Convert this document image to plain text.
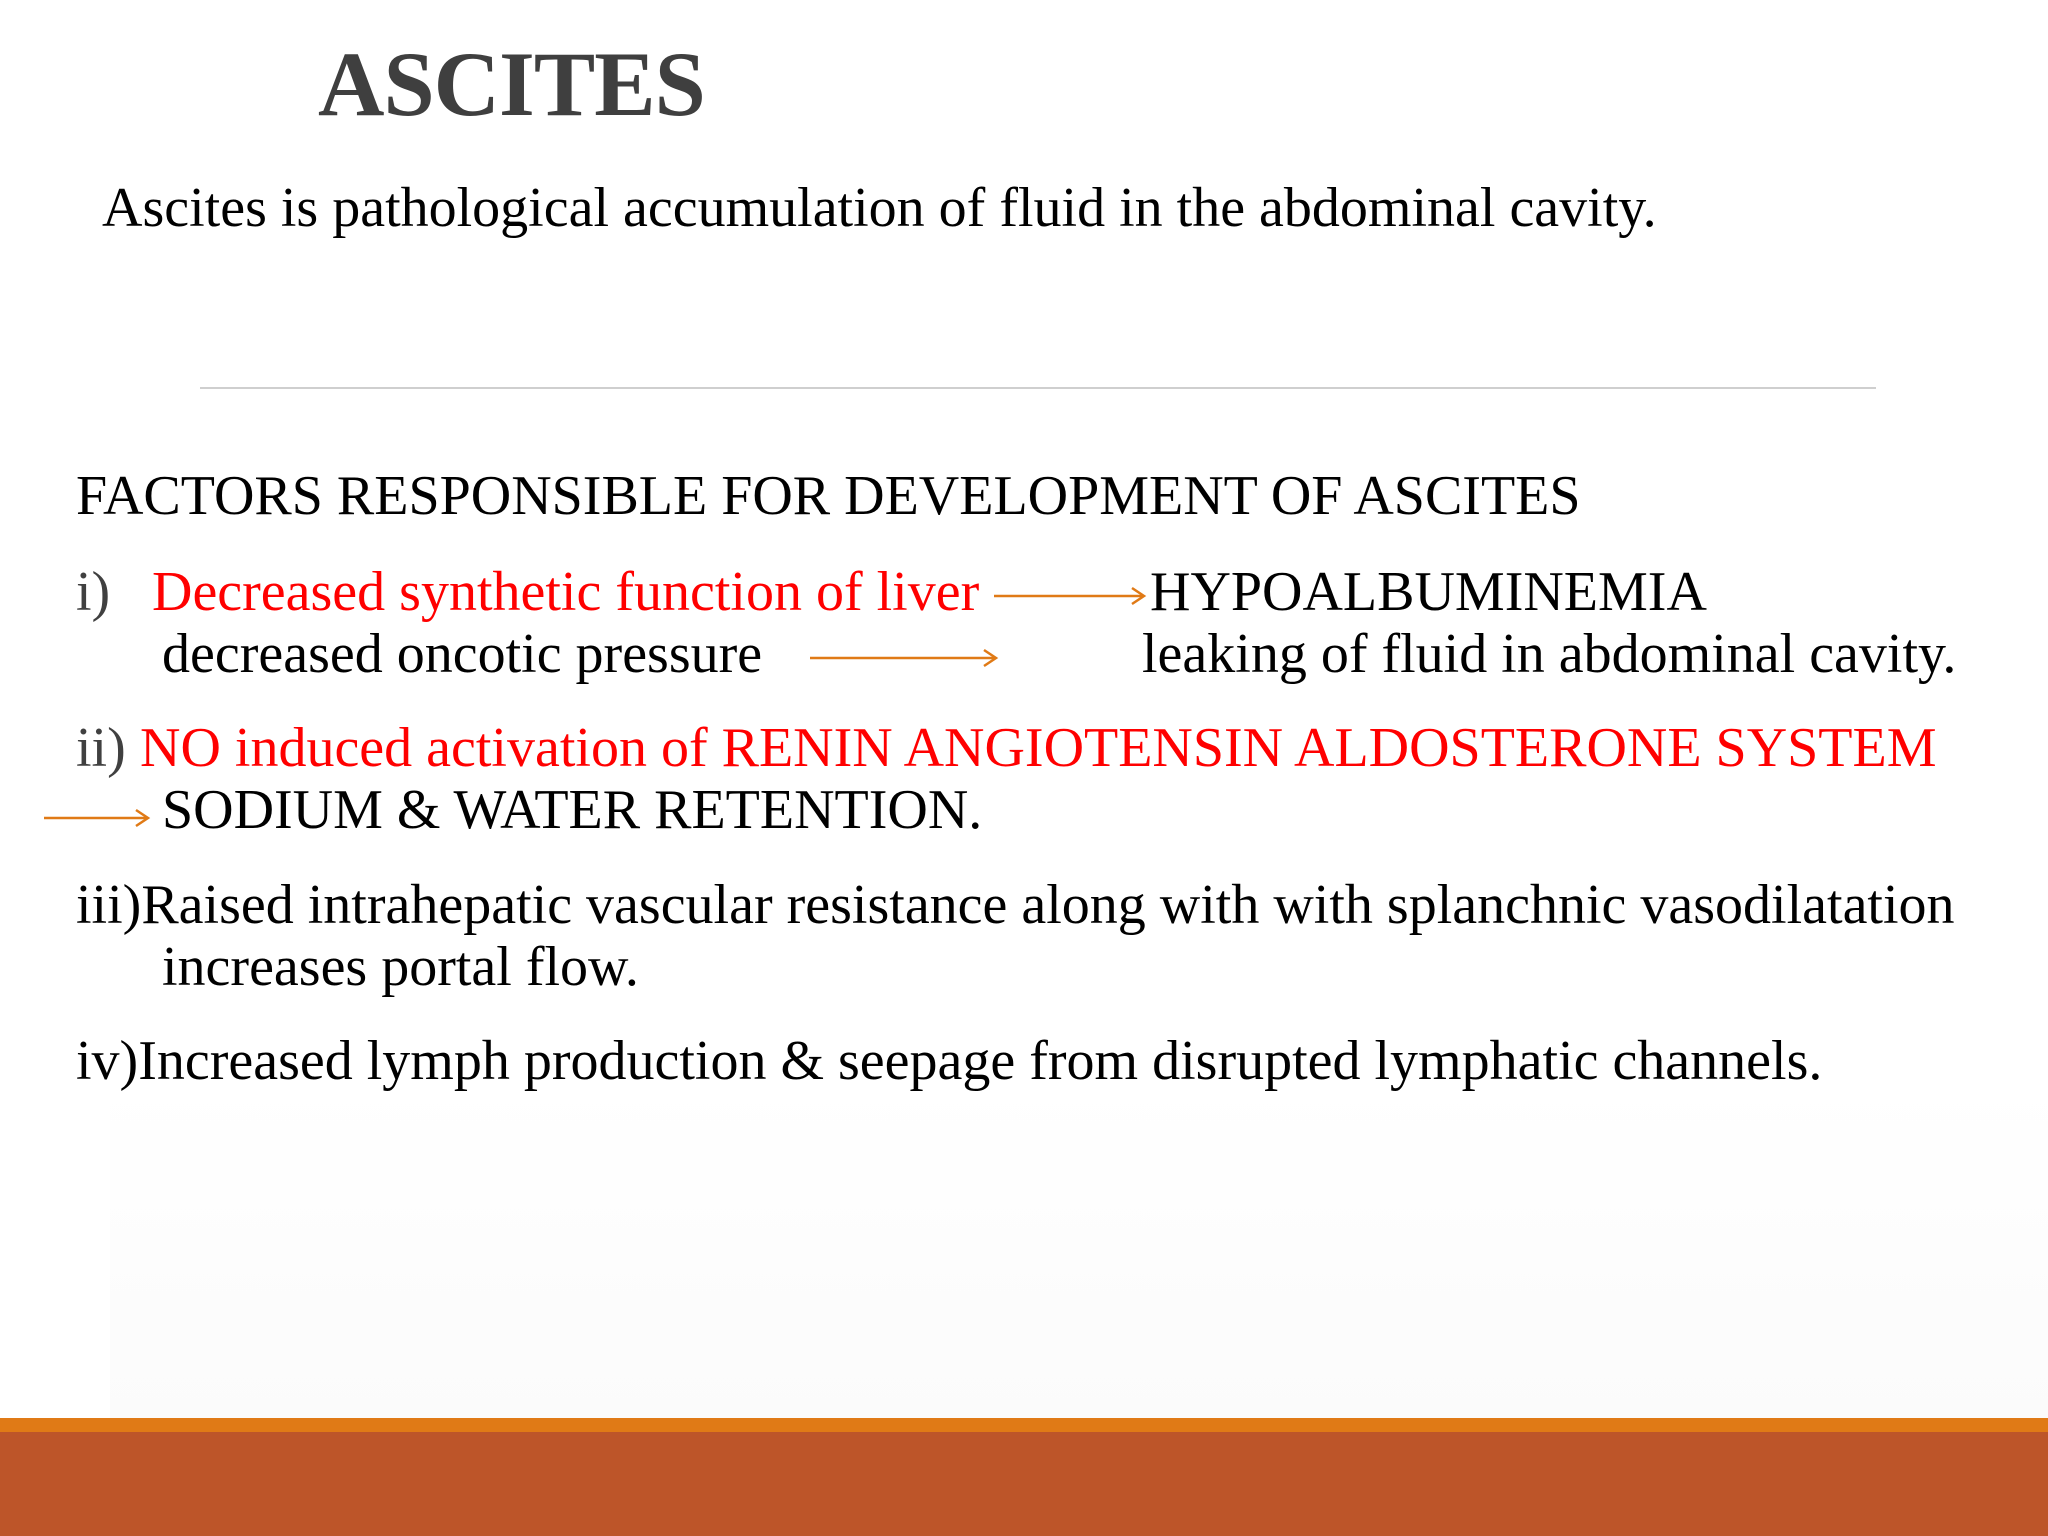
ASCITES
Ascites is pathological accumulation of fluid in the abdominal cavity.
FACTORS RESPONSIBLE FOR DEVELOPMENT OF ASCITES
i) Decreased synthetic function of liver	HYPOALBUMINEMIA
decreased oncotic pressure	leaking of fluid in abdominal cavity.
ii) NO induced activation of RENIN ANGIOTENSIN ALDOSTERONE SYSTEM
SODIUM & WATER RETENTION.
iii)Raised intrahepatic vascular resistance along with with splanchnic vasodilatation
increases portal flow.
iv)Increased lymph production & seepage from disrupted lymphatic channels.
